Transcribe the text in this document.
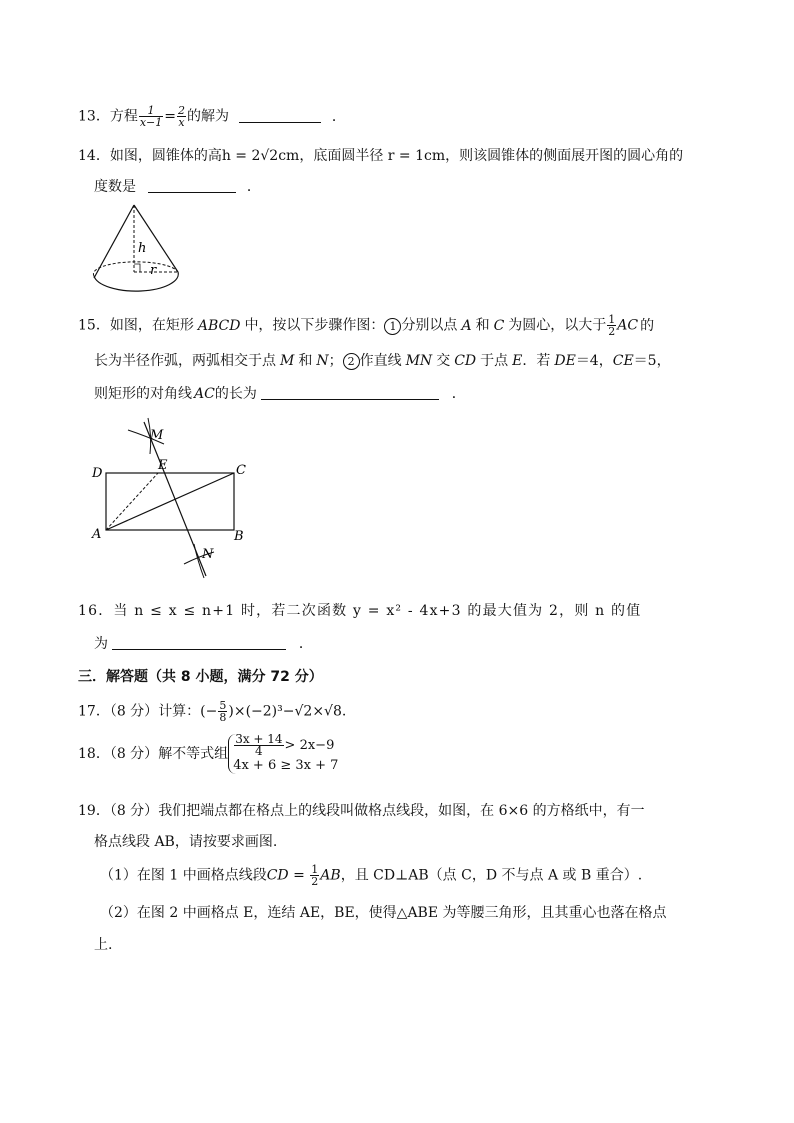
13．方程 $\frac{1}{x-1} = \frac{2}{x}$ 的解为	．
14．如图，圆锥体的高h = 2√2cm，底面圆半径 r = 1cm，则该圆锥体的侧面展开图的圆心角的
度数是	．
h
r
15．如图，在矩形 ABCD 中，按以下步骤作图： 1 分别以点 A 和 C 为圆心，以大于 $\frac{1}{2}$ AC 的
长为半径作弧，两弧相交于点 M 和 N； 2 作直线 MN 交 CD 于点 E．若 DE＝4，CE＝5，
则矩形的对角线 AC的长为	．
M
D
E	C
A	B
N
16．当 n ≤ x ≤ n+1 时，若二次函数 y = x² - 4x+3 的最大值为 2，则 n 的值
为	．
三．解答题（共 8 小题，满分 72 分）
17．（8 分）计算：(− $\frac{5}{8} )\times(-2)^3-√2\times√8$.
18．（8 分）解不等式组 $\frac{3x + 14}{4} > 2x-9$
4x + 6 ≥ 3x + 7
19．（8 分）我们把端点都在格点上的线段叫做格点线段，如图，在 6×6 的方格纸中，有一
格点线段 AB，请按要求画图.
（1）在图 1 中画格点线段CD = $\frac{1}{2}$ AB，且 CD⊥AB（点 C，D 不与点 A 或 B 重合）.
（2）在图 2 中画格点 E，连结 AE，BE，使得△ABE 为等腰三角形，且其重心也落在格点
上.
